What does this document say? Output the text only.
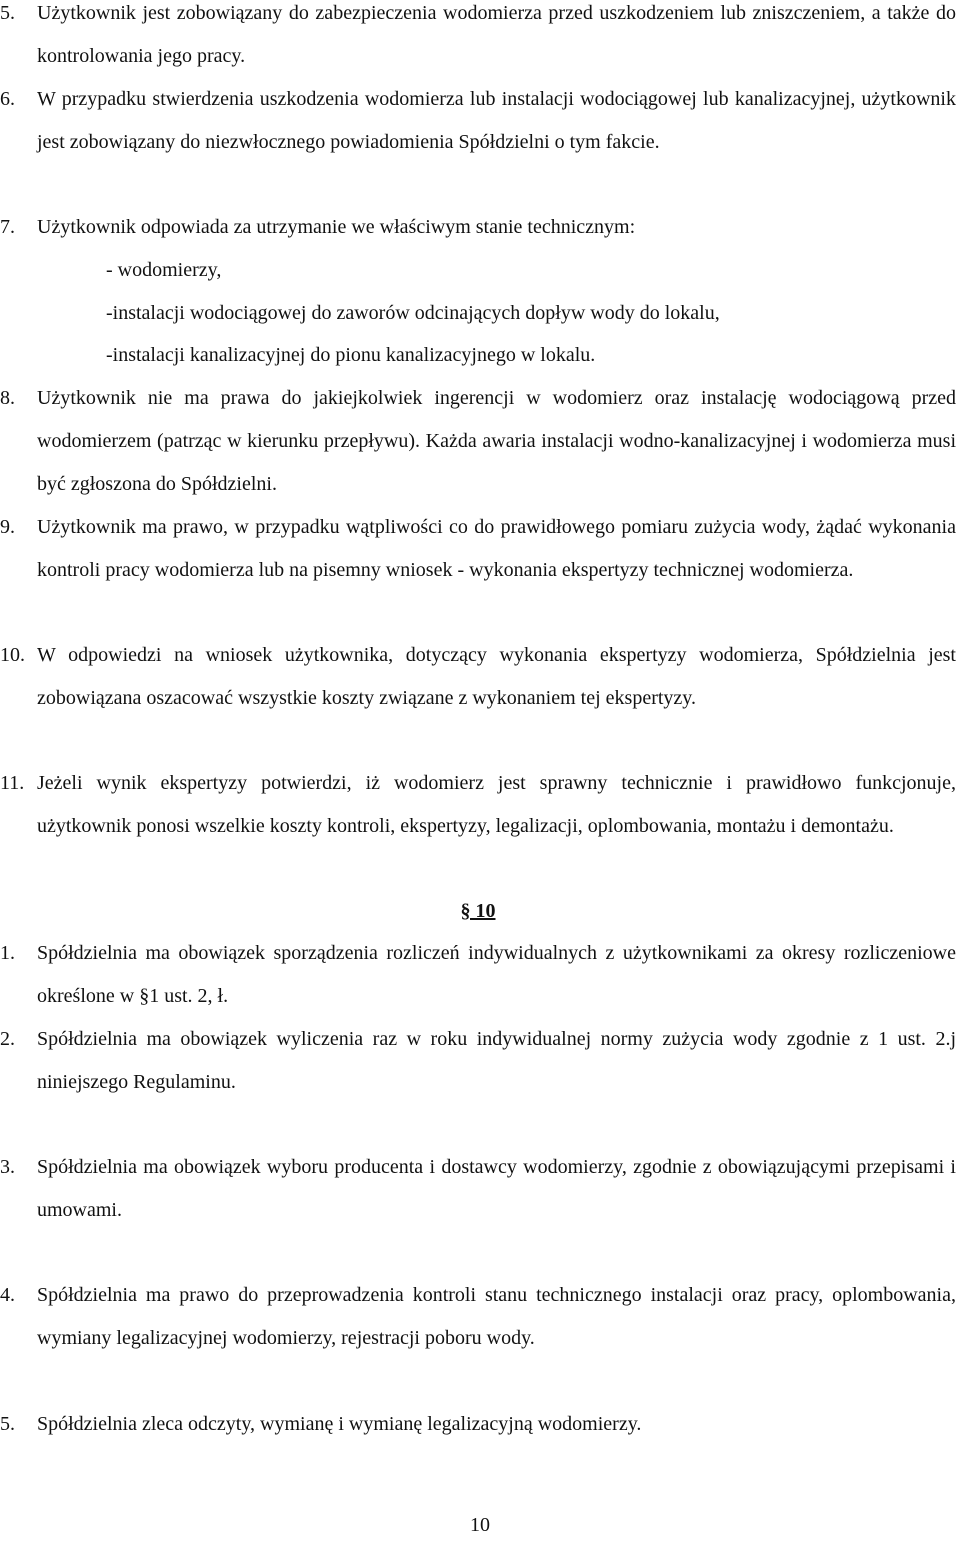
5. Użytkownik jest zobowiązany do zabezpieczenia wodomierza przed uszkodzeniem lub zniszczeniem, a także do kontrolowania jego pracy.
6. W przypadku stwierdzenia uszkodzenia wodomierza lub instalacji wodociągowej lub kanalizacyjnej, użytkownik jest zobowiązany do niezwłocznego powiadomienia Spółdzielni o tym fakcie.
7. Użytkownik odpowiada za utrzymanie we właściwym stanie technicznym:
- wodomierzy,
-instalacji wodociągowej do zaworów odcinających dopływ wody do lokalu,
-instalacji kanalizacyjnej do pionu kanalizacyjnego w lokalu.
8. Użytkownik nie ma prawa do jakiejkolwiek ingerencji w wodomierz oraz instalację wodociągową przed wodomierzem (patrząc w kierunku przepływu). Każda awaria instalacji wodno-kanalizacyjnej i wodomierza musi być zgłoszona do Spółdzielni.
9. Użytkownik ma prawo, w przypadku wątpliwości co do prawidłowego pomiaru zużycia wody, żądać wykonania kontroli pracy wodomierza lub na pisemny wniosek - wykonania ekspertyzy technicznej wodomierza.
10. W odpowiedzi na wniosek użytkownika, dotyczący wykonania ekspertyzy wodomierza, Spółdzielnia jest zobowiązana oszacować wszystkie koszty związane z wykonaniem tej ekspertyzy.
11. Jeżeli wynik ekspertyzy potwierdzi, iż wodomierz jest sprawny technicznie i prawidłowo funkcjonuje, użytkownik ponosi wszelkie koszty kontroli, ekspertyzy, legalizacji, oplombowania, montażu i demontażu.
§ 10
1. Spółdzielnia ma obowiązek sporządzenia rozliczeń indywidualnych z użytkownikami za okresy rozliczeniowe określone w §1 ust. 2, ł.
2. Spółdzielnia ma obowiązek wyliczenia raz w roku indywidualnej normy zużycia wody zgodnie z 1 ust. 2.j niniejszego Regulaminu.
3. Spółdzielnia ma obowiązek wyboru producenta i dostawcy wodomierzy, zgodnie z obowiązującymi przepisami i umowami.
4. Spółdzielnia ma prawo do przeprowadzenia kontroli stanu technicznego instalacji oraz pracy, oplombowania, wymiany legalizacyjnej wodomierzy, rejestracji poboru wody.
5. Spółdzielnia zleca odczyty, wymianę i wymianę legalizacyjną wodomierzy.
10
